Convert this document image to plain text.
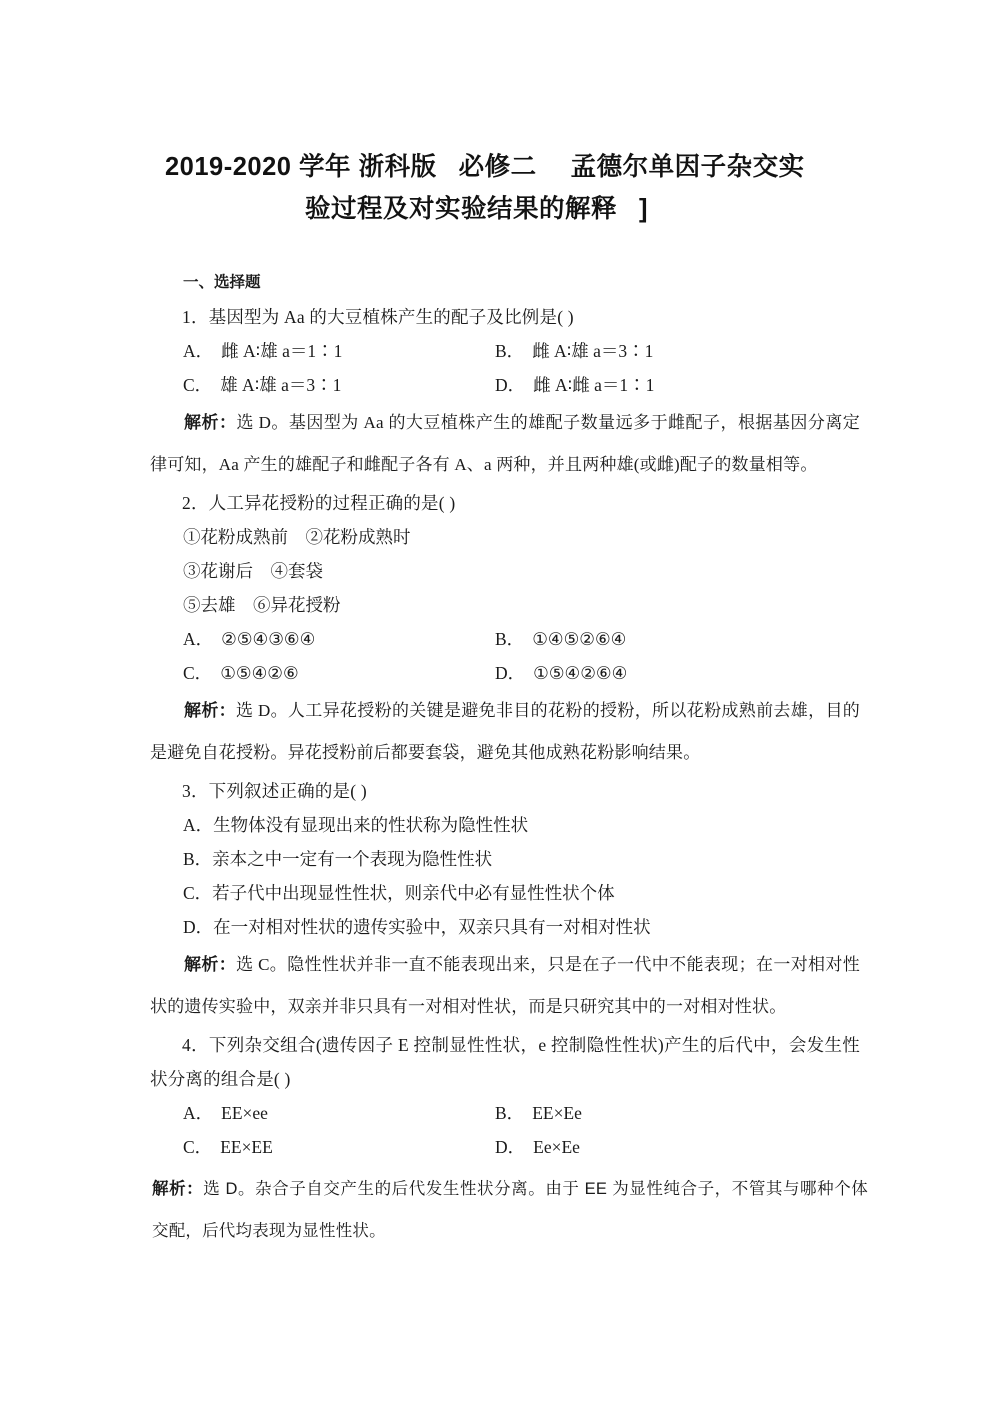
2019-2020 学年 浙科版 必修二 孟德尔单因子杂交实
验过程及对实验结果的解释 ]
一、选择题
1．基因型为 Aa 的大豆植株产生的配子及比例是( )
A． 雌 A∶雄 a＝1∶1	B． 雌 A∶雄 a＝3∶1
C． 雄 A∶雄 a＝3∶1	D． 雌 A∶雌 a＝1∶1
解析：选 D。基因型为 Aa 的大豆植株产生的雄配子数量远多于雌配子，根据基因分离定律可知，Aa 产生的雄配子和雌配子各有 A、a 两种，并且两种雄(或雌)配子的数量相等。
2．人工异花授粉的过程正确的是( )
①花粉成熟前　②花粉成熟时
③花谢后　④套袋
⑤去雄　⑥异花授粉
A． ②⑤④③⑥④	B． ①④⑤②⑥④
C． ①⑤④②⑥	D． ①⑤④②⑥④
解析：选 D。人工异花授粉的关键是避免非目的花粉的授粉，所以花粉成熟前去雄，目的是避免自花授粉。异花授粉前后都要套袋，避免其他成熟花粉影响结果。
3．下列叙述正确的是( )
A．生物体没有显现出来的性状称为隐性性状
B．亲本之中一定有一个表现为隐性性状
C．若子代中出现显性性状，则亲代中必有显性性状个体
D．在一对相对性状的遗传实验中，双亲只具有一对相对性状
解析：选 C。隐性性状并非一直不能表现出来，只是在子一代中不能表现；在一对相对性状的遗传实验中，双亲并非只具有一对相对性状，而是只研究其中的一对相对性状。
4．下列杂交组合(遗传因子 E 控制显性性状，e 控制隐性性状)产生的后代中，会发生性状分离的组合是( )
A． EE×ee	B． EE×Ee
C． EE×EE	D． Ee×Ee
解析：选 D。杂合子自交产生的后代发生性状分离。由于 EE 为显性纯合子，不管其与哪种个体交配，后代均表现为显性性状。
